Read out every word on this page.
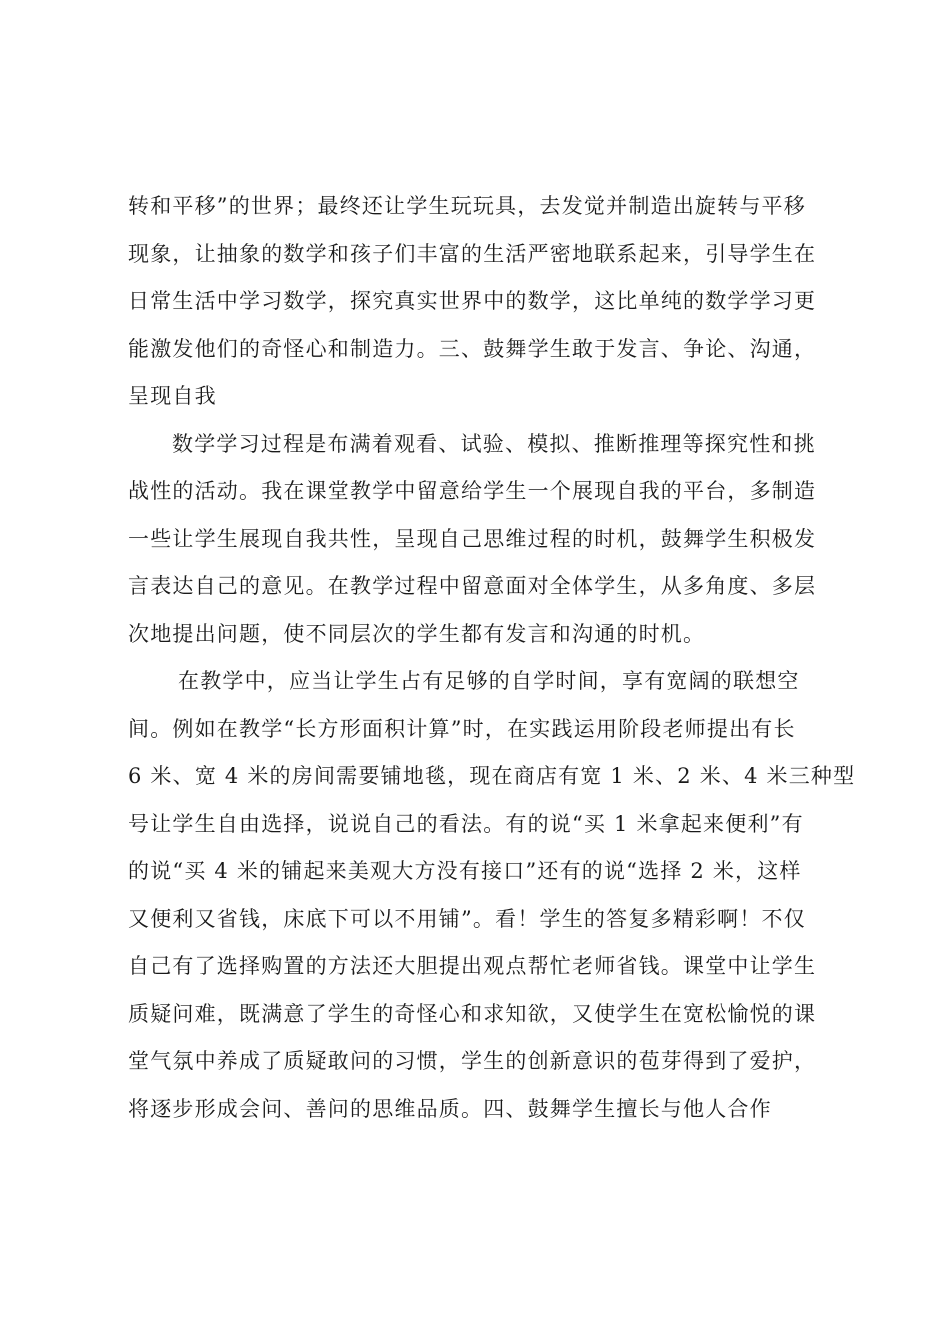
转和平移”的世界；最终还让学生玩玩具，去发觉并制造出旋转与平移
现象，让抽象的数学和孩子们丰富的生活严密地联系起来，引导学生在
日常生活中学习数学，探究真实世界中的数学，这比单纯的数学学习更
能激发他们的奇怪心和制造力。三、鼓舞学生敢于发言、争论、沟通，
呈现自我
数学学习过程是布满着观看、试验、模拟、推断推理等探究性和挑
战性的活动。我在课堂教学中留意给学生一个展现自我的平台，多制造
一些让学生展现自我共性，呈现自己思维过程的时机，鼓舞学生积极发
言表达自己的意见。在教学过程中留意面对全体学生，从多角度、多层
次地提出问题，使不同层次的学生都有发言和沟通的时机。
在教学中，应当让学生占有足够的自学时间，享有宽阔的联想空
间。例如在教学“长方形面积计算”时，在实践运用阶段老师提出有长
6 米、宽 4 米的房间需要铺地毯，现在商店有宽 1 米、2 米、4 米三种型
号让学生自由选择，说说自己的看法。有的说“买 1 米拿起来便利”有
的说“买 4 米的铺起来美观大方没有接口”还有的说“选择 2 米，这样
又便利又省钱，床底下可以不用铺”。看！学生的答复多精彩啊！不仅
自己有了选择购置的方法还大胆提出观点帮忙老师省钱。课堂中让学生
质疑问难，既满意了学生的奇怪心和求知欲，又使学生在宽松愉悦的课
堂气氛中养成了质疑敢问的习惯，学生的创新意识的苞芽得到了爱护，
将逐步形成会问、善问的思维品质。四、鼓舞学生擅长与他人合作
